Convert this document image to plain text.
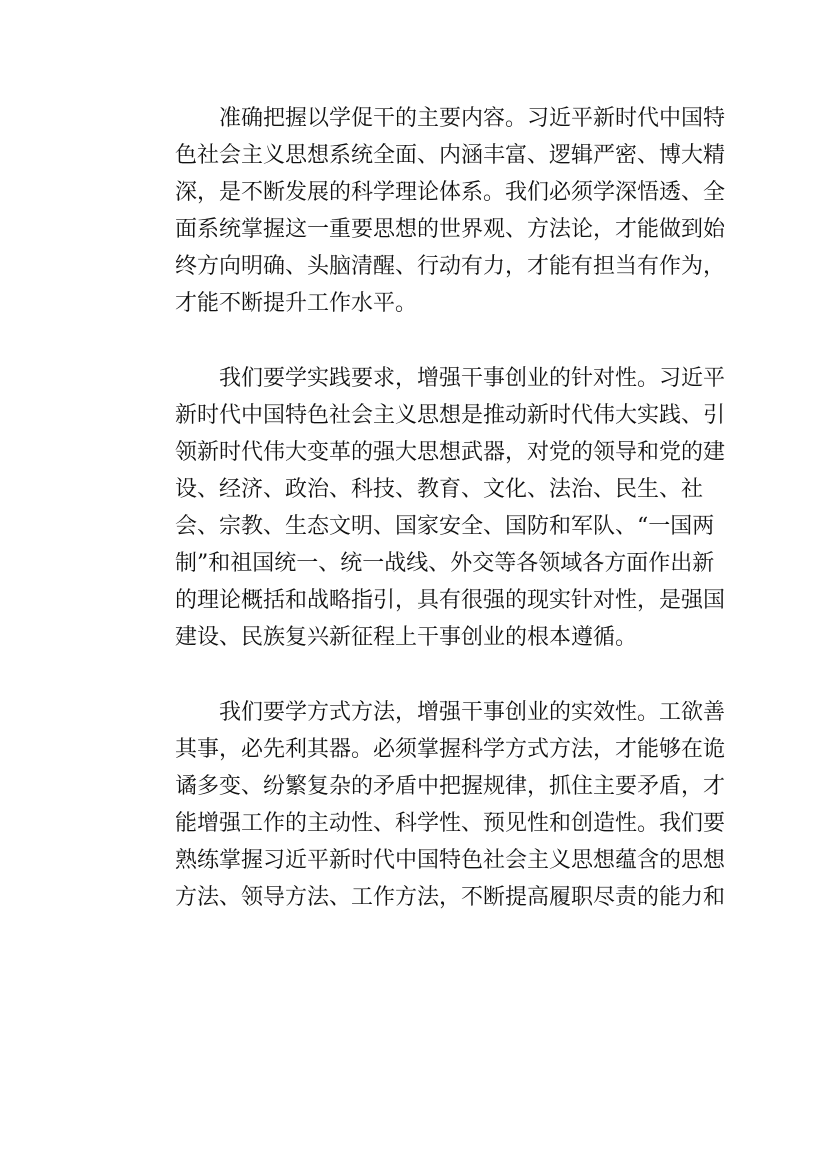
准确把握以学促干的主要内容。习近平新时代中国特
色社会主义思想系统全面、内涵丰富、逻辑严密、博大精
深，是不断发展的科学理论体系。我们必须学深悟透、全
面系统掌握这一重要思想的世界观、方法论，才能做到始
终方向明确、头脑清醒、行动有力，才能有担当有作为，
才能不断提升工作水平。
我们要学实践要求，增强干事创业的针对性。习近平
新时代中国特色社会主义思想是推动新时代伟大实践、引
领新时代伟大变革的强大思想武器，对党的领导和党的建
设、经济、政治、科技、教育、文化、法治、民生、社
会、宗教、生态文明、国家安全、国防和军队、“一国两
制”和祖国统一、统一战线、外交等各领域各方面作出新
的理论概括和战略指引，具有很强的现实针对性，是强国
建设、民族复兴新征程上干事创业的根本遵循。
我们要学方式方法，增强干事创业的实效性。工欲善
其事，必先利其器。必须掌握科学方式方法，才能够在诡
谲多变、纷繁复杂的矛盾中把握规律，抓住主要矛盾，才
能增强工作的主动性、科学性、预见性和创造性。我们要
熟练掌握习近平新时代中国特色社会主义思想蕴含的思想
方法、领导方法、工作方法，不断提高履职尽责的能力和
